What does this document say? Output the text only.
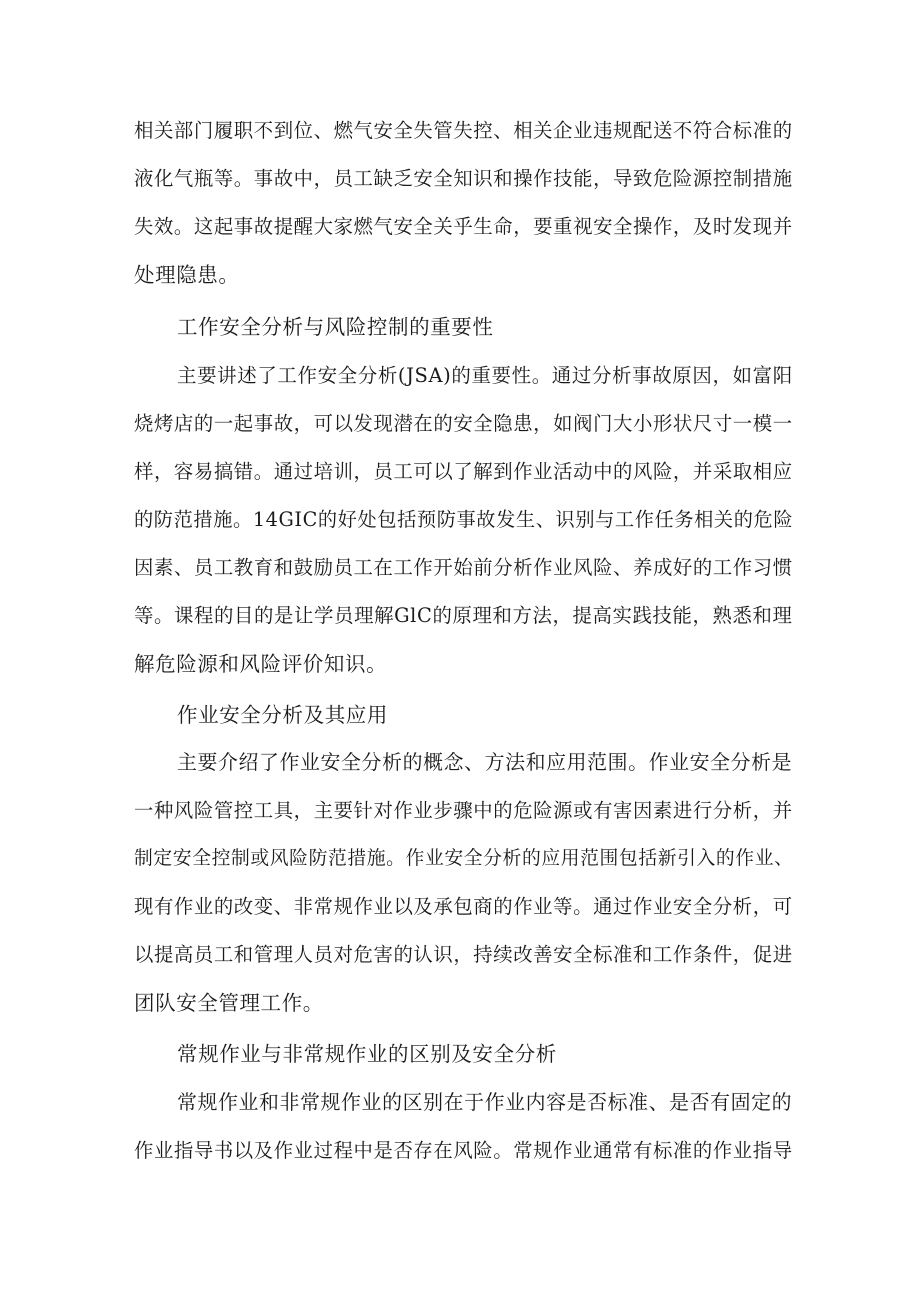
相关部门履职不到位、燃气安全失管失控、相关企业违规配送不符合标准的
液化气瓶等。事故中，员工缺乏安全知识和操作技能，导致危险源控制措施
失效。这起事故提醒大家燃气安全关乎生命，要重视安全操作，及时发现并
处理隐患。
工作安全分析与风险控制的重要性
主要讲述了工作安全分析(JSA)的重要性。通过分析事故原因，如富阳
烧烤店的一起事故，可以发现潜在的安全隐患，如阀门大小形状尺寸一模一
样，容易搞错。通过培训，员工可以了解到作业活动中的风险，并采取相应
的防范措施。14GIC的好处包括预防事故发生、识别与工作任务相关的危险
因素、员工教育和鼓励员工在工作开始前分析作业风险、养成好的工作习惯
等。课程的目的是让学员理解GlC的原理和方法，提高实践技能，熟悉和理
解危险源和风险评价知识。
作业安全分析及其应用
主要介绍了作业安全分析的概念、方法和应用范围。作业安全分析是
一种风险管控工具，主要针对作业步骤中的危险源或有害因素进行分析，并
制定安全控制或风险防范措施。作业安全分析的应用范围包括新引入的作业、
现有作业的改变、非常规作业以及承包商的作业等。通过作业安全分析，可
以提高员工和管理人员对危害的认识，持续改善安全标准和工作条件，促进
团队安全管理工作。
常规作业与非常规作业的区别及安全分析
常规作业和非常规作业的区别在于作业内容是否标准、是否有固定的
作业指导书以及作业过程中是否存在风险。常规作业通常有标准的作业指导
